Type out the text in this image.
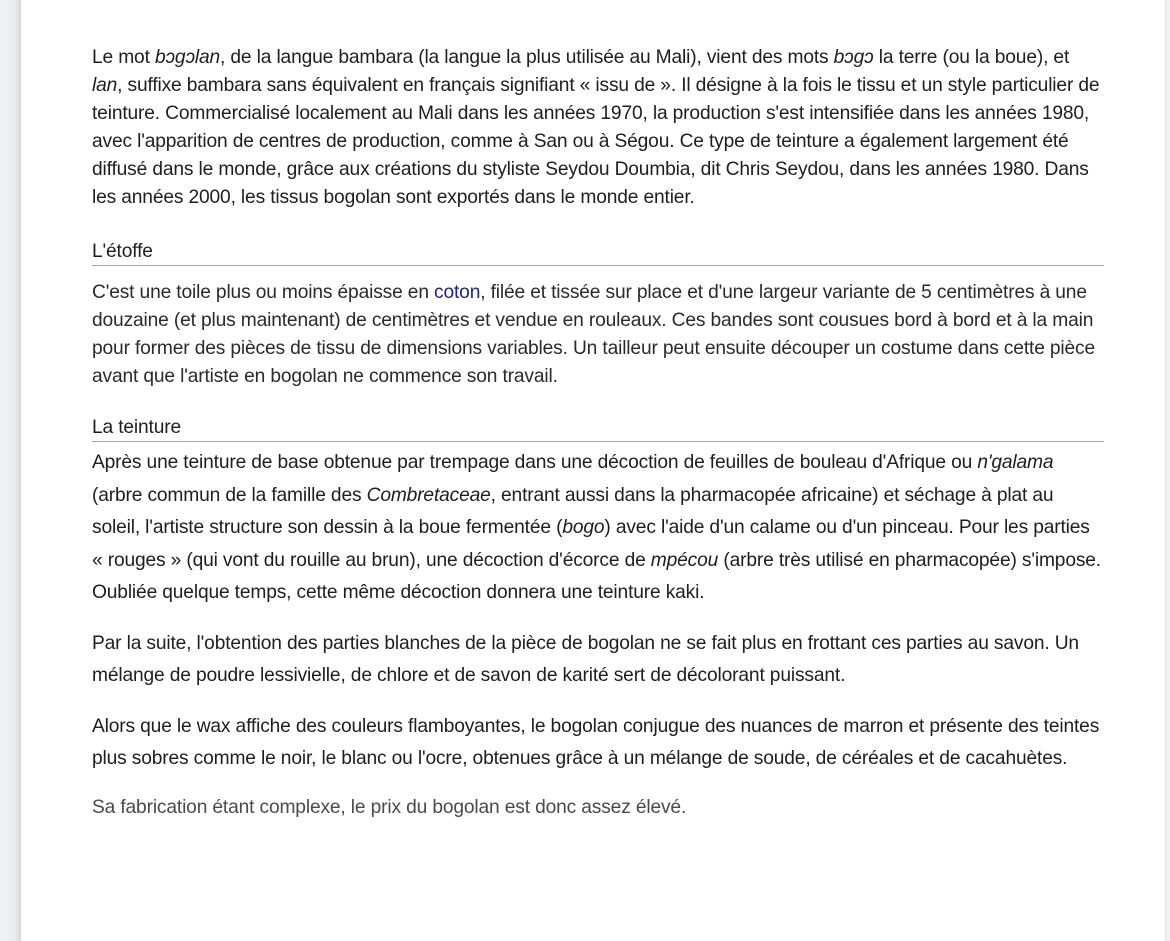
Le mot bɔgɔlan, de la langue bambara (la langue la plus utilisée au Mali), vient des mots bɔgɔ la terre (ou la boue), et lan, suffixe bambara sans équivalent en français signifiant « issu de ». Il désigne à la fois le tissu et un style particulier de teinture. Commercialisé localement au Mali dans les années 1970, la production s'est intensifiée dans les années 1980, avec l'apparition de centres de production, comme à San ou à Ségou. Ce type de teinture a également largement été diffusé dans le monde, grâce aux créations du styliste Seydou Doumbia, dit Chris Seydou, dans les années 1980. Dans les années 2000, les tissus bogolan sont exportés dans le monde entier.

L'étoffe

C'est une toile plus ou moins épaisse en coton, filée et tissée sur place et d'une largeur variante de 5 centimètres à une douzaine (et plus maintenant) de centimètres et vendue en rouleaux. Ces bandes sont cousues bord à bord et à la main pour former des pièces de tissu de dimensions variables. Un tailleur peut ensuite découper un costume dans cette pièce avant que l'artiste en bogolan ne commence son travail.

La teinture

Après une teinture de base obtenue par trempage dans une décoction de feuilles de bouleau d'Afrique ou n'galama (arbre commun de la famille des Combretaceae, entrant aussi dans la pharmacopée africaine) et séchage à plat au soleil, l'artiste structure son dessin à la boue fermentée (bogo) avec l'aide d'un calame ou d'un pinceau. Pour les parties « rouges » (qui vont du rouille au brun), une décoction d'écorce de mpécou (arbre très utilisé en pharmacopée) s'impose. Oubliée quelque temps, cette même décoction donnera une teinture kaki.

Par la suite, l'obtention des parties blanches de la pièce de bogolan ne se fait plus en frottant ces parties au savon. Un mélange de poudre lessivielle, de chlore et de savon de karité sert de décolorant puissant.

Alors que le wax affiche des couleurs flamboyantes, le bogolan conjugue des nuances de marron et présente des teintes plus sobres comme le noir, le blanc ou l'ocre, obtenues grâce à un mélange de soude, de céréales et de cacahuètes.

Sa fabrication étant complexe, le prix du bogolan est donc assez élevé.
